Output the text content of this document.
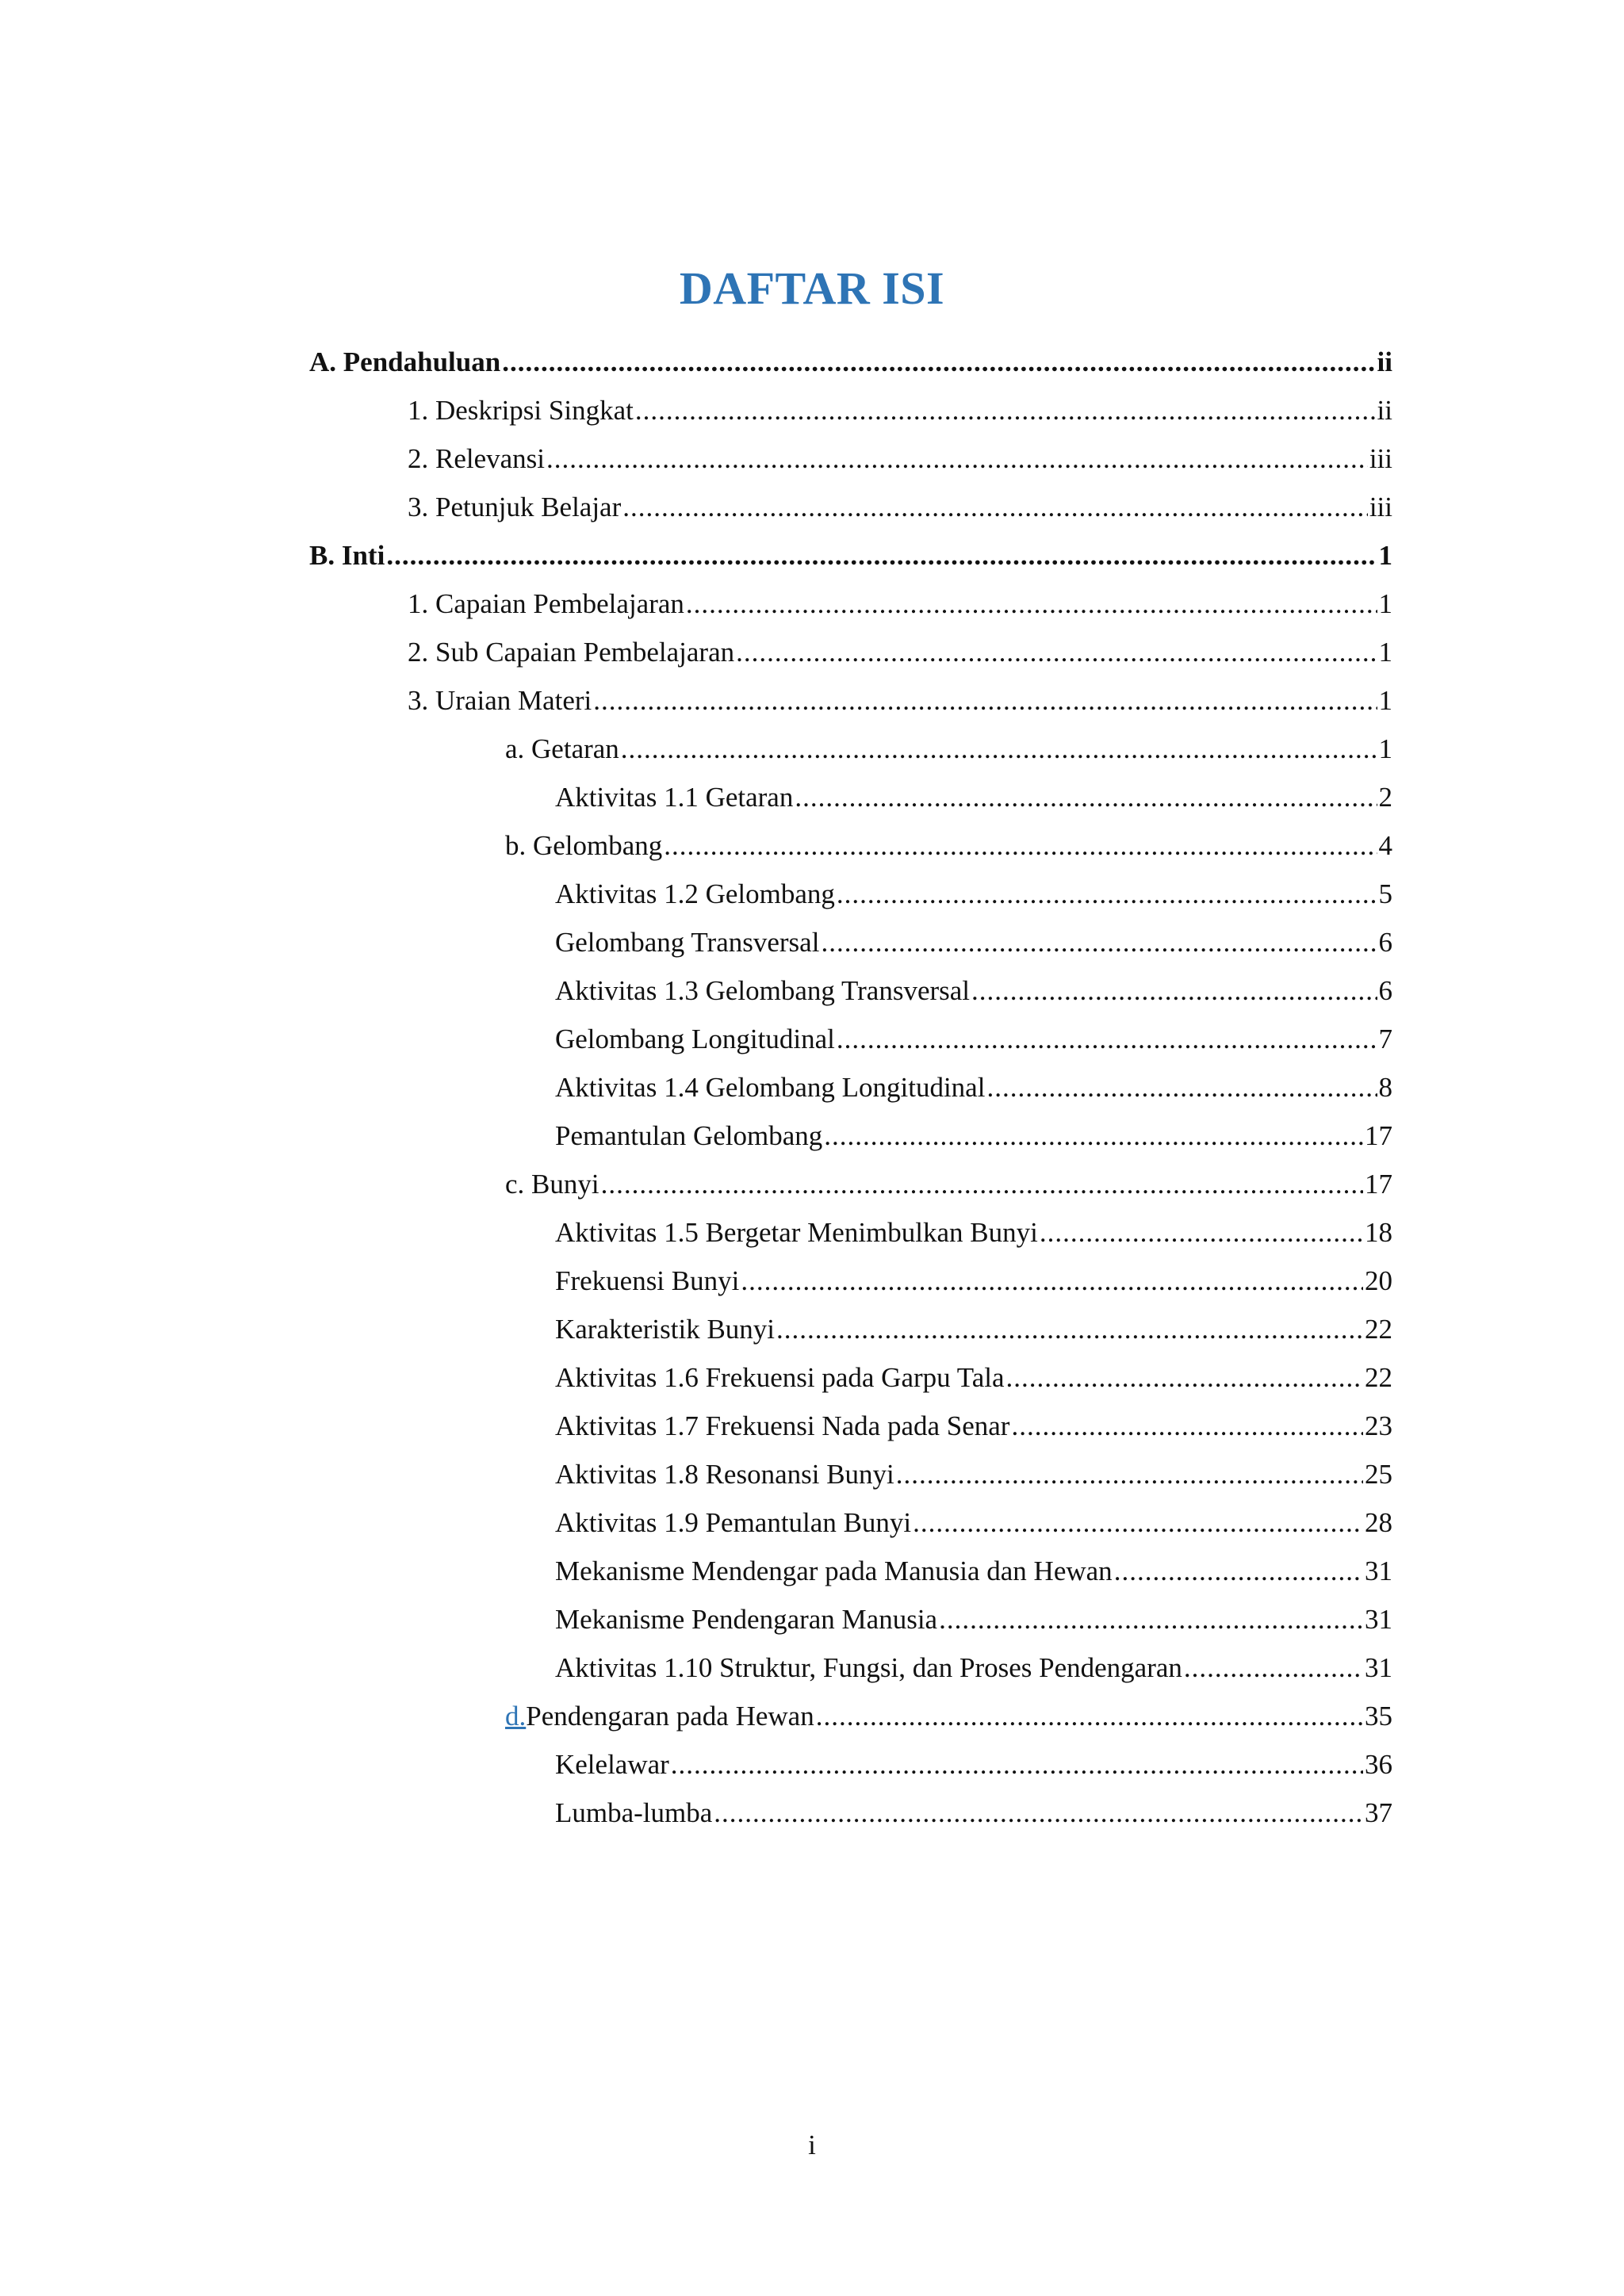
DAFTAR ISI
A. Pendahuluan .....	ii
1. Deskripsi Singkat .....	ii
2. Relevansi .....	iii
3. Petunjuk Belajar .....	iii
B. Inti .....	1
1. Capaian Pembelajaran .....	1
2. Sub Capaian Pembelajaran .....	1
3. Uraian Materi .....	1
a. Getaran .....	1
Aktivitas 1.1 Getaran .....	2
b. Gelombang .....	4
Aktivitas 1.2 Gelombang .....	5
Gelombang Transversal .....	6
Aktivitas 1.3 Gelombang Transversal .....	6
Gelombang Longitudinal .....	7
Aktivitas 1.4 Gelombang Longitudinal .....	8
Pemantulan Gelombang .....	17
c. Bunyi .....	17
Aktivitas 1.5 Bergetar Menimbulkan Bunyi .....	18
Frekuensi Bunyi .....	20
Karakteristik Bunyi .....	22
Aktivitas 1.6 Frekuensi pada Garpu Tala .....	22
Aktivitas 1.7 Frekuensi Nada pada Senar .....	23
Aktivitas 1.8 Resonansi Bunyi .....	25
Aktivitas 1.9 Pemantulan Bunyi .....	28
Mekanisme Mendengar pada Manusia dan Hewan .....	31
Mekanisme Pendengaran Manusia .....	31
Aktivitas 1.10 Struktur, Fungsi, dan Proses Pendengaran .....	31
d. Pendengaran pada Hewan .....	35
Kelelawar .....	36
Lumba-lumba .....	37
i
